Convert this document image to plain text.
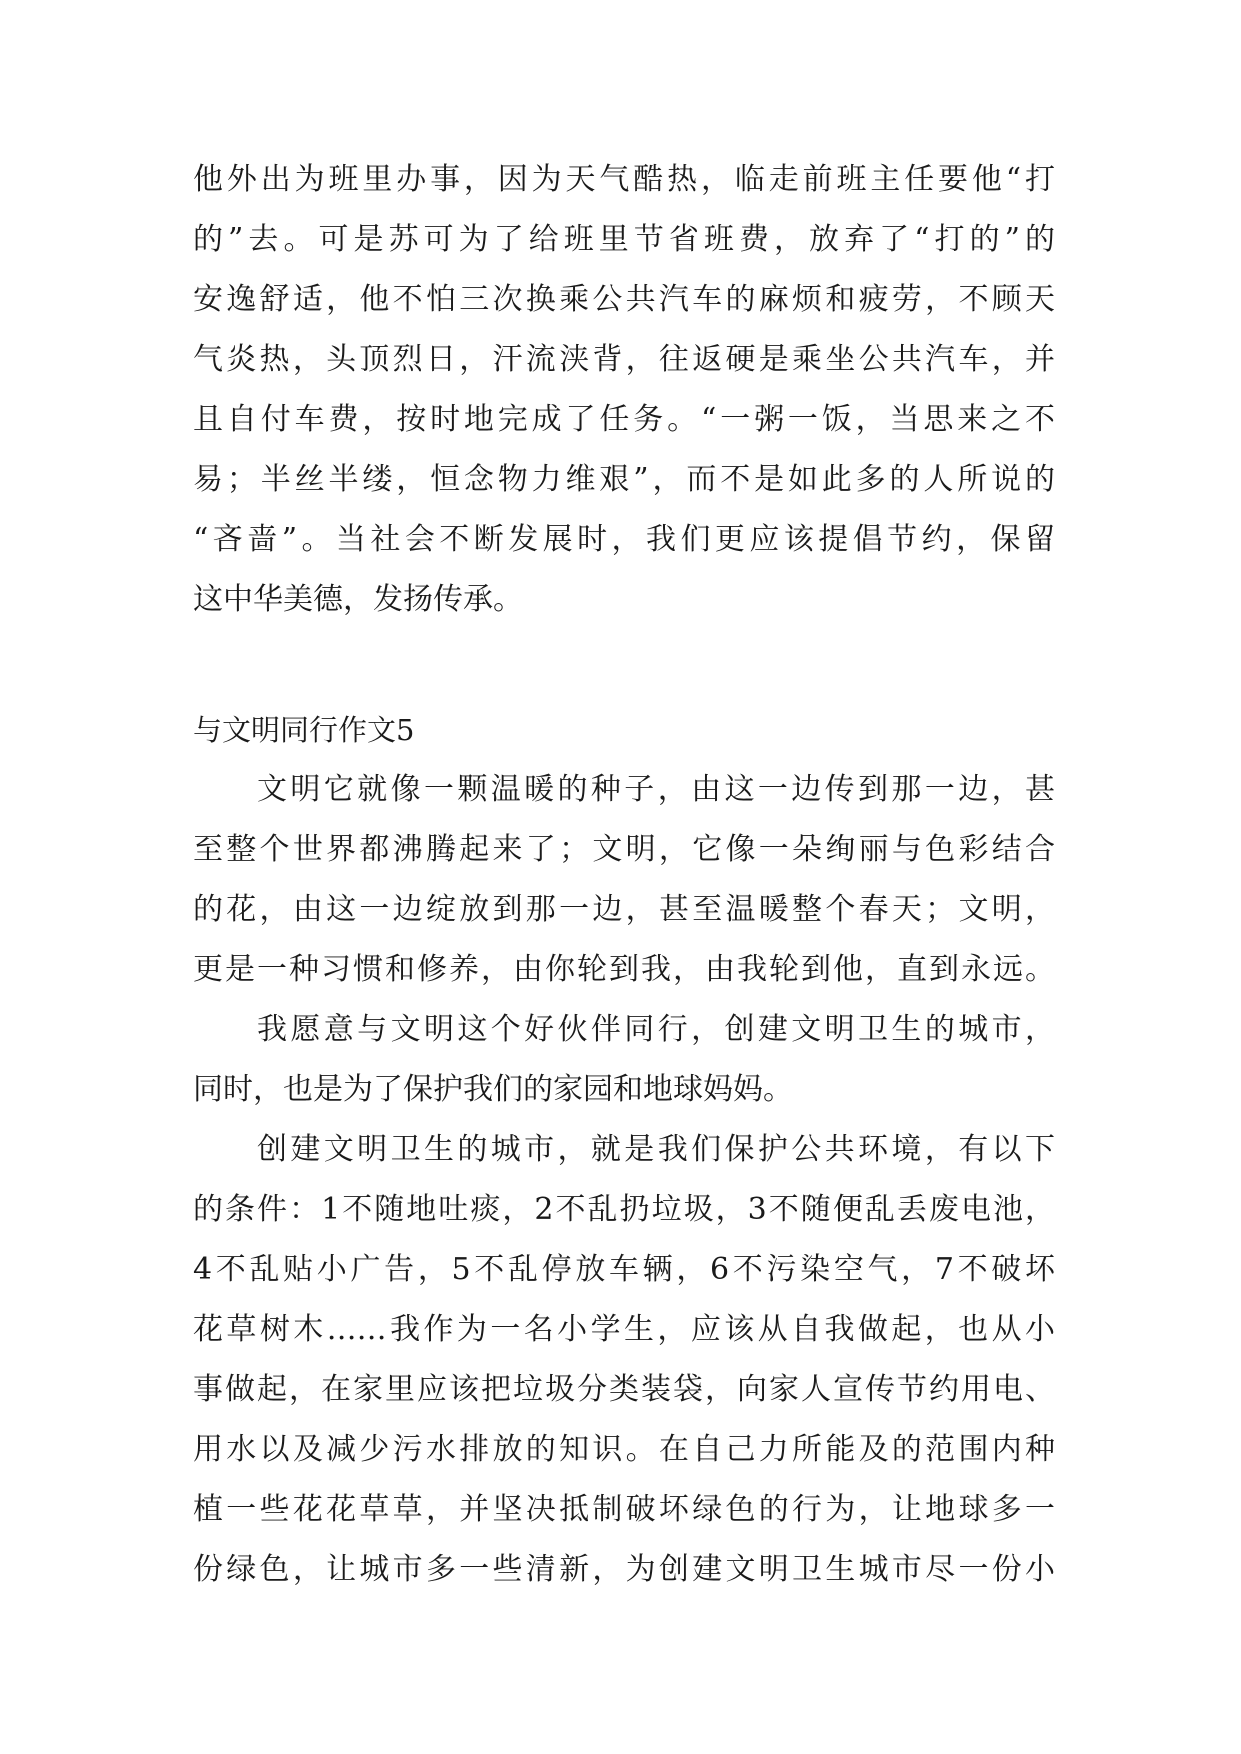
他外出为班里办事，因为天气酷热，临走前班主任要他“打
的”去。可是苏可为了给班里节省班费，放弃了“打的”的
安逸舒适，他不怕三次换乘公共汽车的麻烦和疲劳，不顾天
气炎热，头顶烈日，汗流浃背，往返硬是乘坐公共汽车，并
且自付车费，按时地完成了任务。“一粥一饭，当思来之不
易；半丝半缕，恒念物力维艰”，而不是如此多的人所说的
“吝啬”。当社会不断发展时，我们更应该提倡节约，保留
这中华美德，发扬传承。
与文明同行作文5
文明它就像一颗温暖的种子，由这一边传到那一边，甚
至整个世界都沸腾起来了；文明，它像一朵绚丽与色彩结合
的花，由这一边绽放到那一边，甚至温暖整个春天；文明，
更是一种习惯和修养，由你轮到我，由我轮到他，直到永远。
我愿意与文明这个好伙伴同行，创建文明卫生的城市，
同时，也是为了保护我们的家园和地球妈妈。
创建文明卫生的城市，就是我们保护公共环境，有以下
的条件：1不随地吐痰，2不乱扔垃圾，3不随便乱丢废电池，
4不乱贴小广告，5不乱停放车辆，6不污染空气，7不破坏
花草树木……我作为一名小学生，应该从自我做起，也从小
事做起，在家里应该把垃圾分类装袋，向家人宣传节约用电、
用水以及减少污水排放的知识。在自己力所能及的范围内种
植一些花花草草，并坚决抵制破坏绿色的行为，让地球多一
份绿色，让城市多一些清新，为创建文明卫生城市尽一份小
